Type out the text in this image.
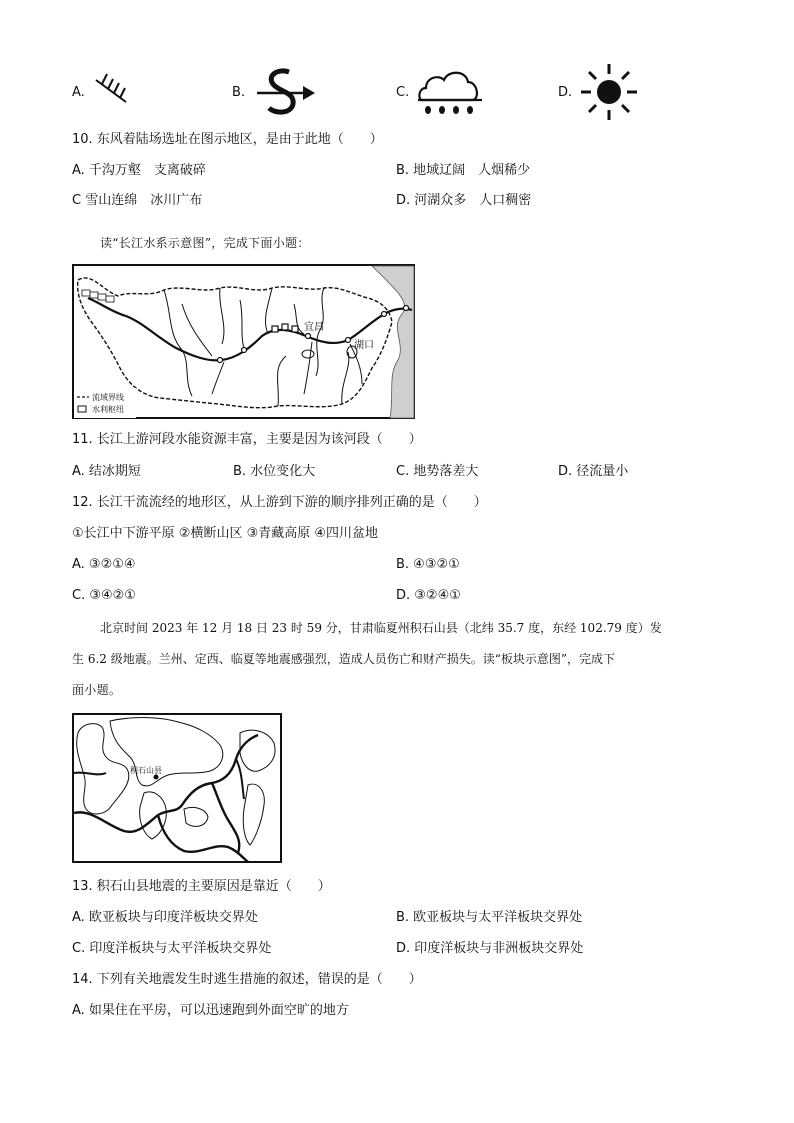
A.	B.	C.	D.
10. 东风着陆场选址在图示地区，是由于此地（　　）
A. 千沟万壑　支离破碎	B. 地域辽阔　人烟稀少
C 雪山连绵　冰川广布	D. 河湖众多　人口稠密
读“长江水系示意图”，完成下面小题：
宜昌
湖口
流域界线
水利枢纽
11. 长江上游河段水能资源丰富，主要是因为该河段（　　）
A. 结冰期短	B. 水位变化大	C. 地势落差大	D. 径流量小
12. 长江干流流经的地形区，从上游到下游的顺序排列正确的是（　　）
①长江中下游平原 ②横断山区 ③青藏高原 ④四川盆地
A. ③②①④	B. ④③②①
C. ③④②①	D. ③②④①
北京时间 2023 年 12 月 18 日 23 时 59 分，甘肃临夏州积石山县（北纬 35.7 度，东经 102.79 度）发
生 6.2 级地震。兰州、定西、临夏等地震感强烈，造成人员伤亡和财产损失。读“板块示意图”，完成下
面小题。
积石山县
13. 积石山县地震的主要原因是靠近（　　）
A. 欧亚板块与印度洋板块交界处	B. 欧亚板块与太平洋板块交界处
C. 印度洋板块与太平洋板块交界处	D. 印度洋板块与非洲板块交界处
14. 下列有关地震发生时逃生措施的叙述，错误的是（　　）
A. 如果住在平房，可以迅速跑到外面空旷的地方
